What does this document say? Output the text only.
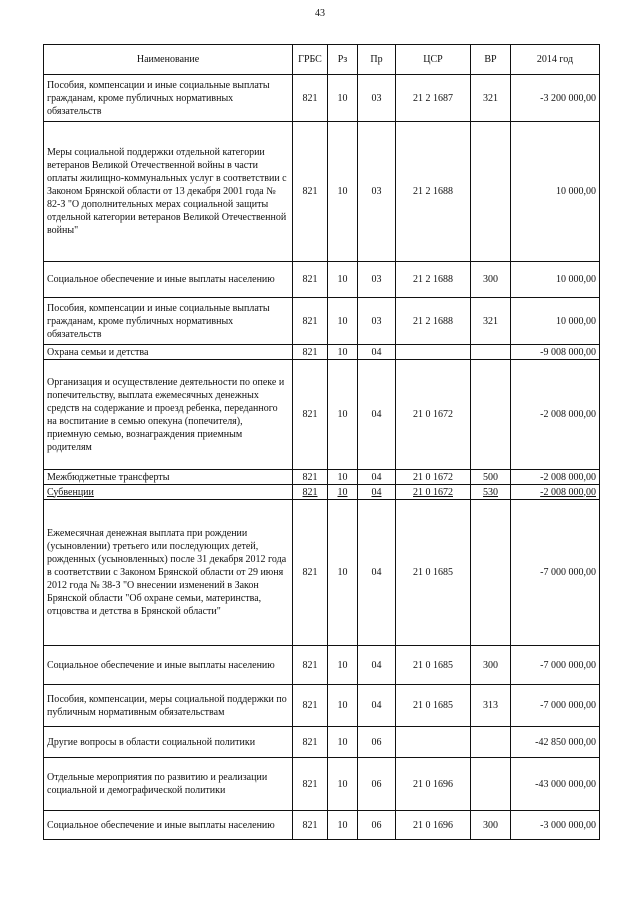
43
Наименование	ГРБС	Рз	Пр	ЦСР	ВР	2014 год
Пособия, компенсации и иные социальные выплаты гражданам, кроме публичных нормативных обязательств	821	10	03	21 2 1687	321	-3 200 000,00
Меры социальной поддержки отдельной категории ветеранов Великой Отечественной войны в части оплаты жилищно-коммунальных услуг в соответствии с Законом Брянской области от 13 декабря 2001 года № 82-З "О дополнительных мерах социальной защиты отдельной категории ветеранов Великой Отечественной войны"	821	10	03	21 2 1688		10 000,00
Социальное обеспечение и иные выплаты населению	821	10	03	21 2 1688	300	10 000,00
Пособия, компенсации и иные социальные выплаты гражданам, кроме публичных нормативных обязательств	821	10	03	21 2 1688	321	10 000,00
Охрана семьи и детства	821	10	04			-9 008 000,00
Организация и осуществление деятельности по опеке и попечительству, выплата ежемесячных денежных средств на содержание и проезд ребенка, переданного на воспитание в семью опекуна (попечителя), приемную семью, вознаграждения приемным родителям	821	10	04	21 0 1672		-2 008 000,00
Межбюджетные трансферты	821	10	04	21 0 1672	500	-2 008 000,00
Субвенции	821	10	04	21 0 1672	530	-2 008 000,00
Ежемесячная денежная выплата при рождении (усыновлении) третьего или последующих детей, рожденных (усыновленных) после 31 декабря 2012 года в соответствии с Законом Брянской области от 29 июня 2012 года № 38-З "О внесении изменений в Закон Брянской области "Об охране семьи, материнства, отцовства и детства в Брянской области"	821	10	04	21 0 1685		-7 000 000,00
Социальное обеспечение и иные выплаты населению	821	10	04	21 0 1685	300	-7 000 000,00
Пособия, компенсации, меры социальной поддержки по публичным нормативным обязательствам	821	10	04	21 0 1685	313	-7 000 000,00
Другие вопросы в области социальной политики	821	10	06			-42 850 000,00
Отдельные мероприятия по развитию и реализации социальной и демографической политики	821	10	06	21 0 1696		-43 000 000,00
Социальное обеспечение и иные выплаты населению	821	10	06	21 0 1696	300	-3 000 000,00
